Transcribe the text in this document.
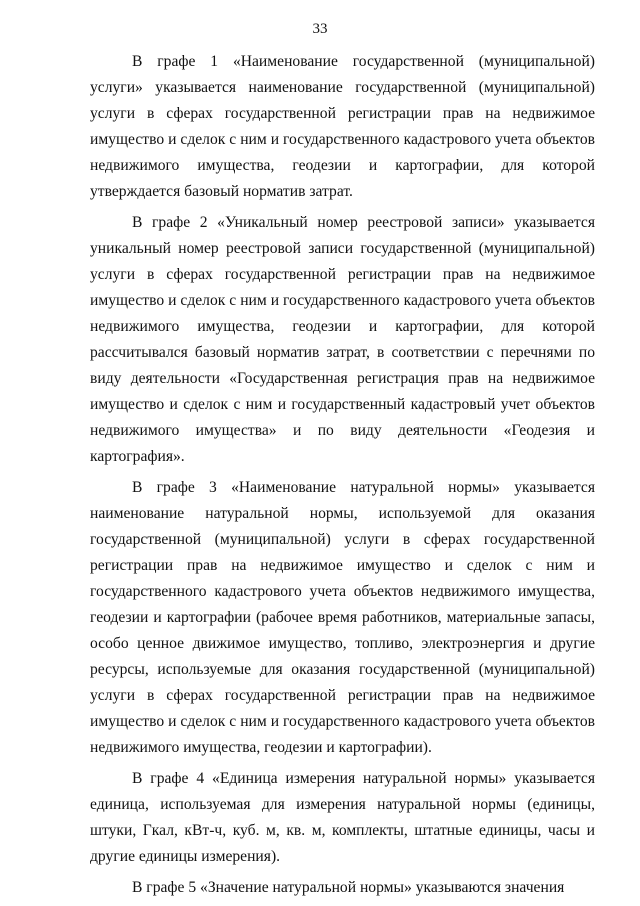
33

В графе 1 «Наименование государственной (муниципальной) услуги» указывается наименование государственной (муниципальной) услуги в сферах государственной регистрации прав на недвижимое имущество и сделок с ним и государственного кадастрового учета объектов недвижимого имущества, геодезии и картографии, для которой утверждается базовый норматив затрат.

В графе 2 «Уникальный номер реестровой записи» указывается уникальный номер реестровой записи государственной (муниципальной) услуги в сферах государственной регистрации прав на недвижимое имущество и сделок с ним и государственного кадастрового учета объектов недвижимого имущества, геодезии и картографии, для которой рассчитывался базовый норматив затрат, в соответствии с перечнями по виду деятельности «Государственная регистрация прав на недвижимое имущество и сделок с ним и государственный кадастровый учет объектов недвижимого имущества» и по виду деятельности «Геодезия и картография».

В графе 3 «Наименование натуральной нормы» указывается наименование натуральной нормы, используемой для оказания государственной (муниципальной) услуги в сферах государственной регистрации прав на недвижимое имущество и сделок с ним и государственного кадастрового учета объектов недвижимого имущества, геодезии и картографии (рабочее время работников, материальные запасы, особо ценное движимое имущество, топливо, электроэнергия и другие ресурсы, используемые для оказания государственной (муниципальной) услуги в сферах государственной регистрации прав на недвижимое имущество и сделок с ним и государственного кадастрового учета объектов недвижимого имущества, геодезии и картографии).

В графе 4 «Единица измерения натуральной нормы» указывается единица, используемая для измерения натуральной нормы (единицы, штуки, Гкал, кВт-ч, куб. м, кв. м, комплекты, штатные единицы, часы и другие единицы измерения).

В графе 5 «Значение натуральной нормы» указываются значения
